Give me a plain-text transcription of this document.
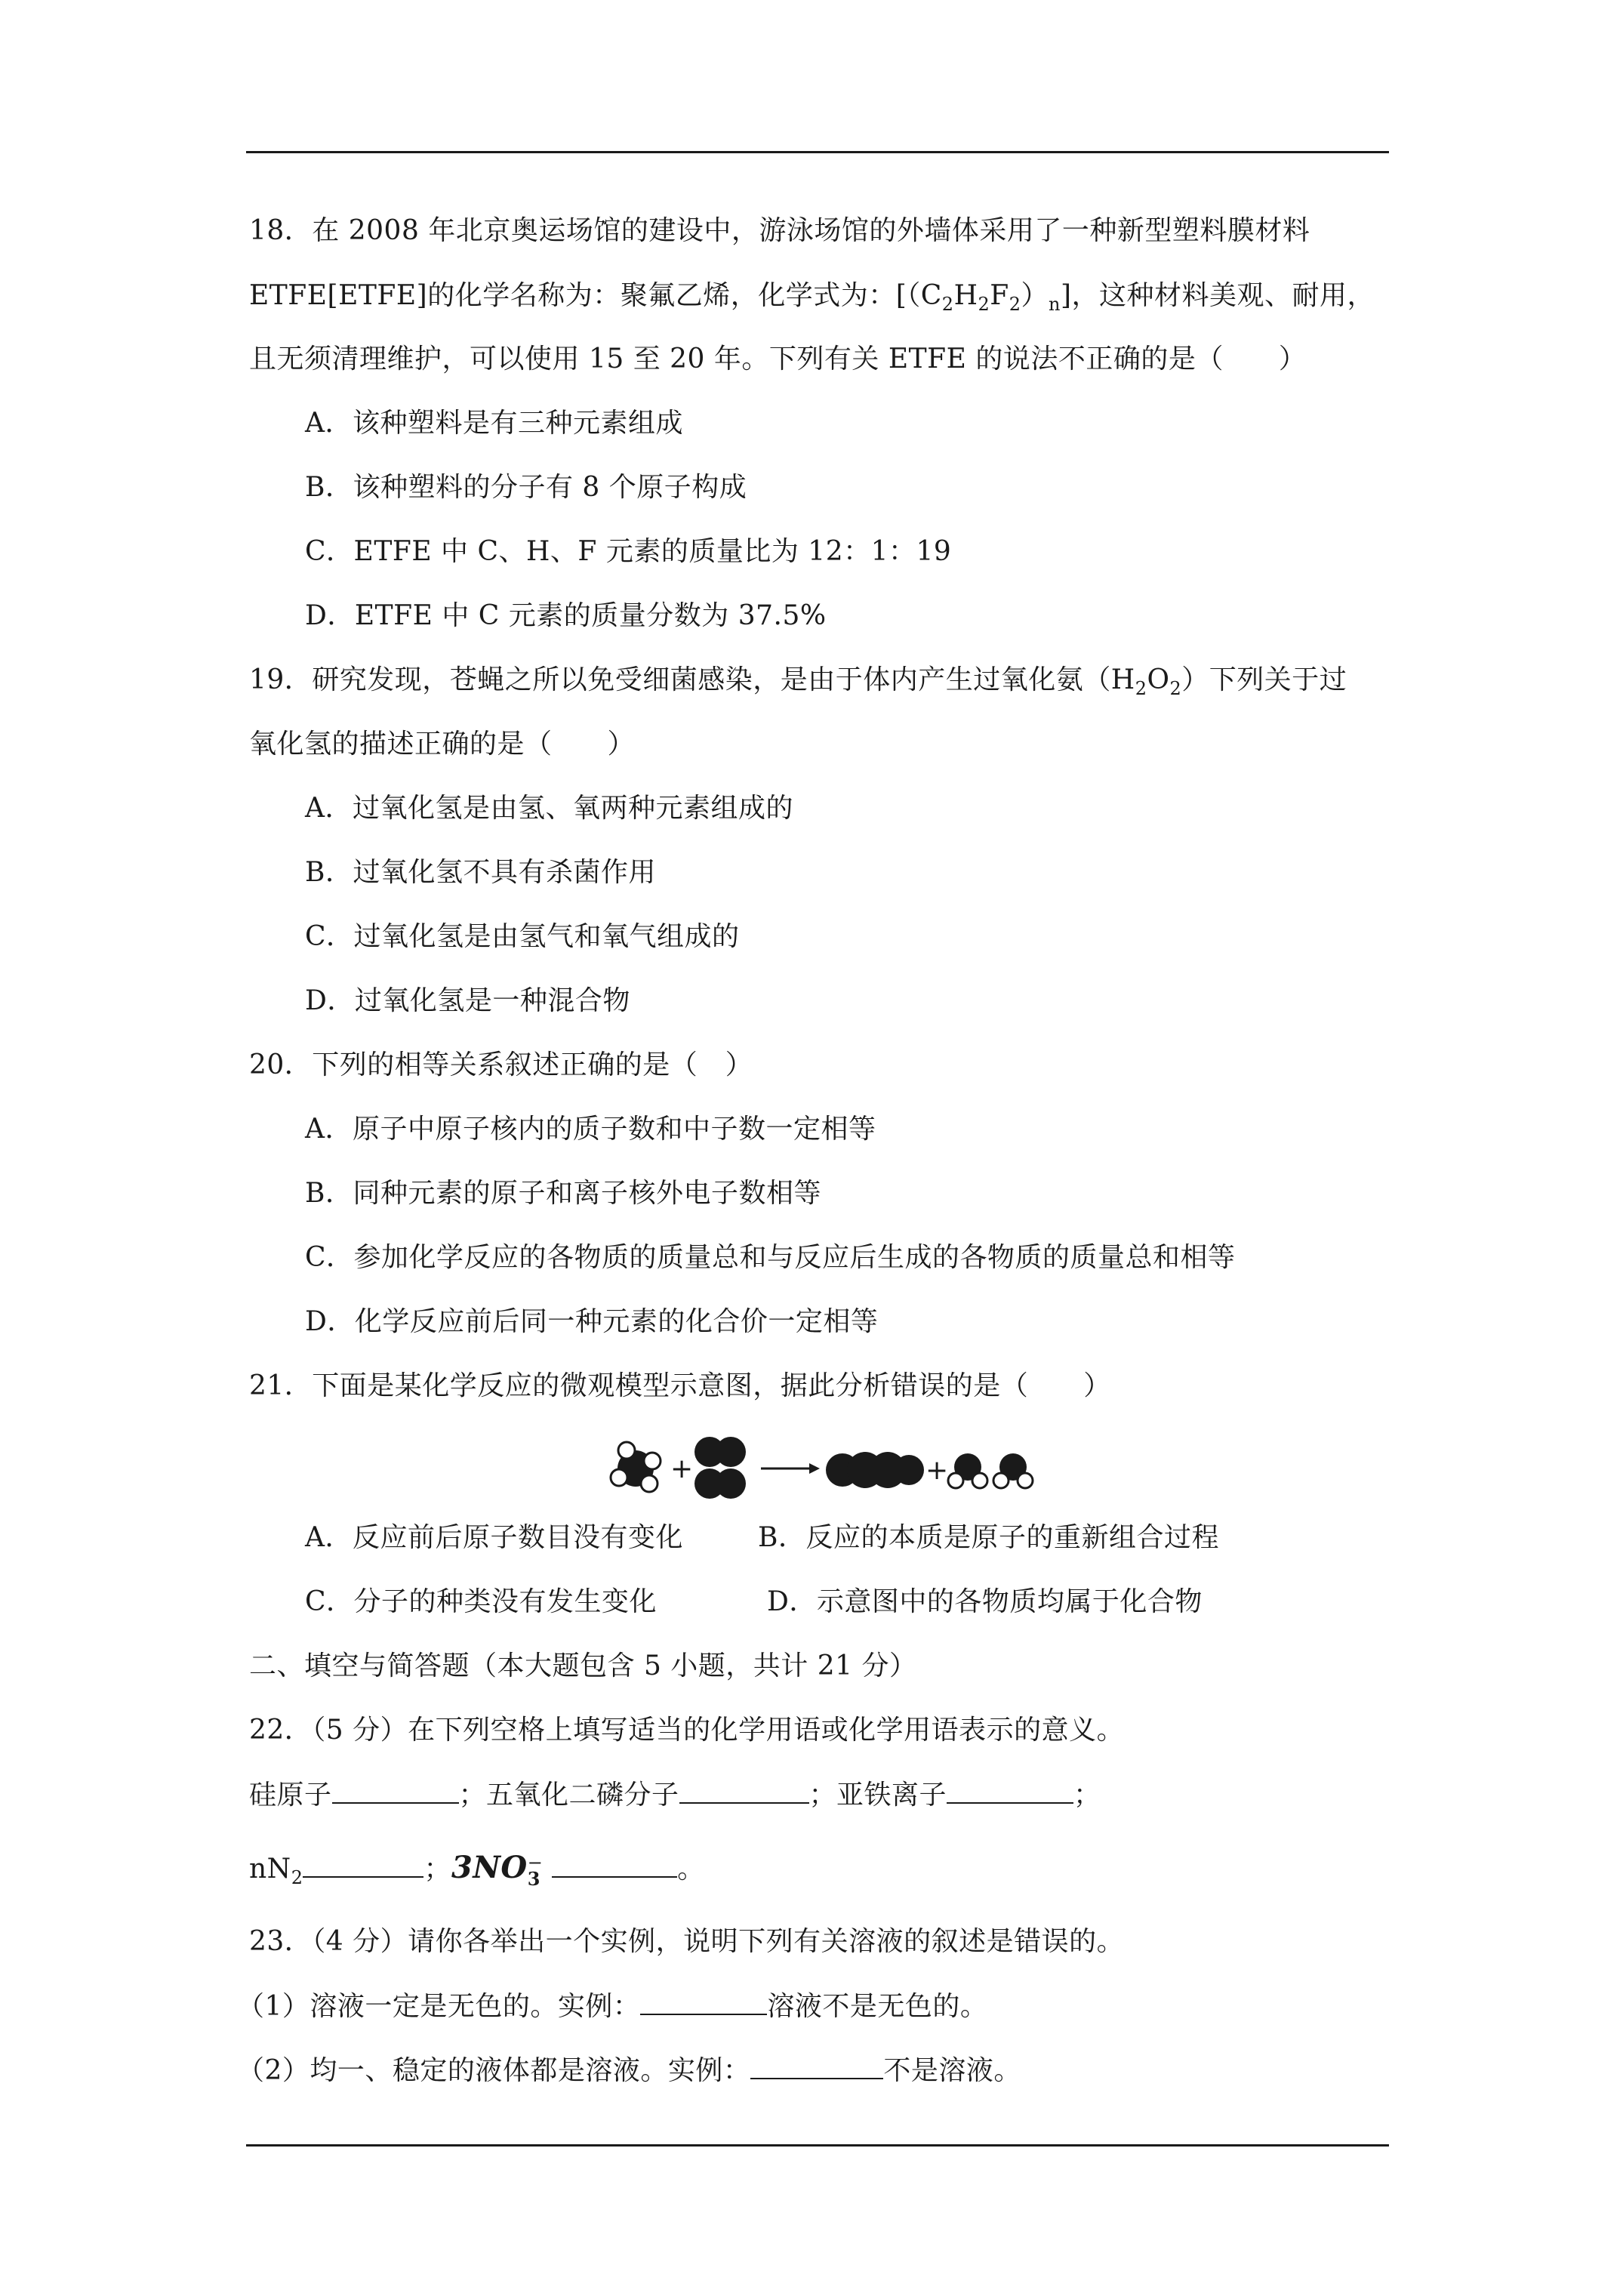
18．在 2008 年北京奥运场馆的建设中，游泳场馆的外墙体采用了一种新型塑料膜材料
ETFE[ETFE]的化学名称为：聚氟乙烯，化学式为：$[(C_2H_2F_2)_n]$，这种材料美观、耐用，
且无须清理维护，可以使用 15 至 20 年。下列有关 ETFE 的说法不正确的是（　　）
A．该种塑料是有三种元素组成
B．该种塑料的分子有 8 个原子构成
C．ETFE 中 C、H、F 元素的质量比为 12：1：19
D．ETFE 中 C 元素的质量分数为 37.5%
19．研究发现，苍蝇之所以免受细菌感染，是由于体内产生过氧化氨$(H_2O_2)$下列关于过
氧化氢的描述正确的是（　　）
A．过氧化氢是由氢、氧两种元素组成的
B．过氧化氢不具有杀菌作用
C．过氧化氢是由氢气和氧气组成的
D．过氧化氢是一种混合物
20．下列的相等关系叙述正确的是（　）
A．原子中原子核内的质子数和中子数一定相等
B．同种元素的原子和离子核外电子数相等
C．参加化学反应的各物质的质量总和与反应后生成的各物质的质量总和相等
D．化学反应前后同一种元素的化合价一定相等
21．下面是某化学反应的微观模型示意图，据此分析错误的是（　　）
+	+
A．反应前后原子数目没有变化	B．反应的本质是原子的重新组合过程
C．分子的种类没有发生变化	D．示意图中的各物质均属于化合物
二、填空与简答题（本大题包含 5 小题，共计 21 分）
22．（5 分）在下列空格上填写适当的化学用语或化学用语表示的意义。
硅原子	；五氧化二磷分子	；亚铁离子	；
$nN_2$	；3NO −
3	。
23．（4 分）请你各举出一个实例，说明下列有关溶液的叙述是错误的。
（1）溶液一定是无色的。实例：	溶液不是无色的。
（2）均一、稳定的液体都是溶液。实例：	不是溶液。
